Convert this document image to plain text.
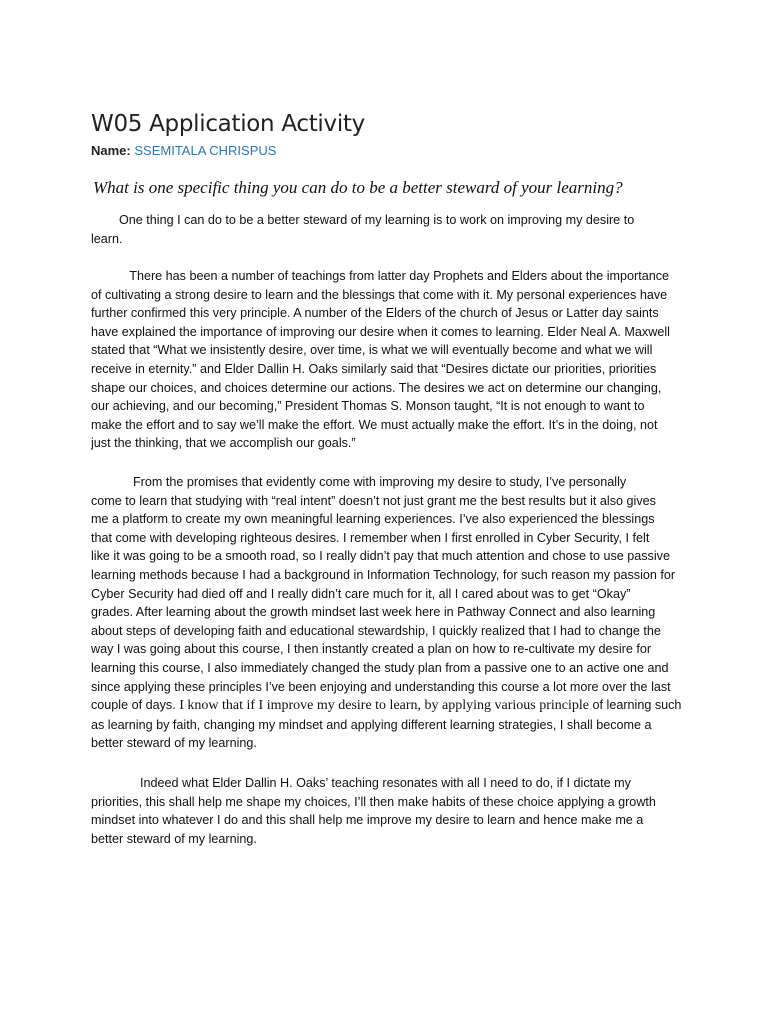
W05 Application Activity
Name: SSEMITALA CHRISPUS
What is one specific thing you can do to be a better steward of your learning?
One thing I can do to be a better steward of my learning is to work on improving my desire to
learn.
There has been a number of teachings from latter day Prophets and Elders about the importance
of cultivating a strong desire to learn and the blessings that come with it. My personal experiences have
further confirmed this very principle. A number of the Elders of the church of Jesus or Latter day saints
have explained the importance of improving our desire when it comes to learning. Elder Neal A. Maxwell
stated that “What we insistently desire, over time, is what we will eventually become and what we will
receive in eternity.” and Elder Dallin H. Oaks similarly said that “Desires dictate our priorities, priorities
shape our choices, and choices determine our actions. The desires we act on determine our changing,
our achieving, and our becoming,” President Thomas S. Monson taught, “It is not enough to want to
make the effort and to say we’ll make the effort. We must actually make the effort. It’s in the doing, not
just the thinking, that we accomplish our goals.”
From the promises that evidently come with improving my desire to study, I’ve personally
come to learn that studying with “real intent” doesn’t not just grant me the best results but it also gives
me a platform to create my own meaningful learning experiences. I’ve also experienced the blessings
that come with developing righteous desires. I remember when I first enrolled in Cyber Security, I felt
like it was going to be a smooth road, so I really didn’t pay that much attention and chose to use passive
learning methods because I had a background in Information Technology, for such reason my passion for
Cyber Security had died off and I really didn’t care much for it, all I cared about was to get “Okay”
grades. After learning about the growth mindset last week here in Pathway Connect and also learning
about steps of developing faith and educational stewardship, I quickly realized that I had to change the
way I was going about this course, I then instantly created a plan on how to re-cultivate my desire for
learning this course, I also immediately changed the study plan from a passive one to an active one and
since applying these principles I’ve been enjoying and understanding this course a lot more over the last
couple of days. I know that if I improve my desire to learn, by applying various principle of learning such
as learning by faith, changing my mindset and applying different learning strategies, I shall become a
better steward of my learning.
Indeed what Elder Dallin H. Oaks’ teaching resonates with all I need to do, if I dictate my
priorities, this shall help me shape my choices, I’ll then make habits of these choice applying a growth
mindset into whatever I do and this shall help me improve my desire to learn and hence make me a
better steward of my learning.
